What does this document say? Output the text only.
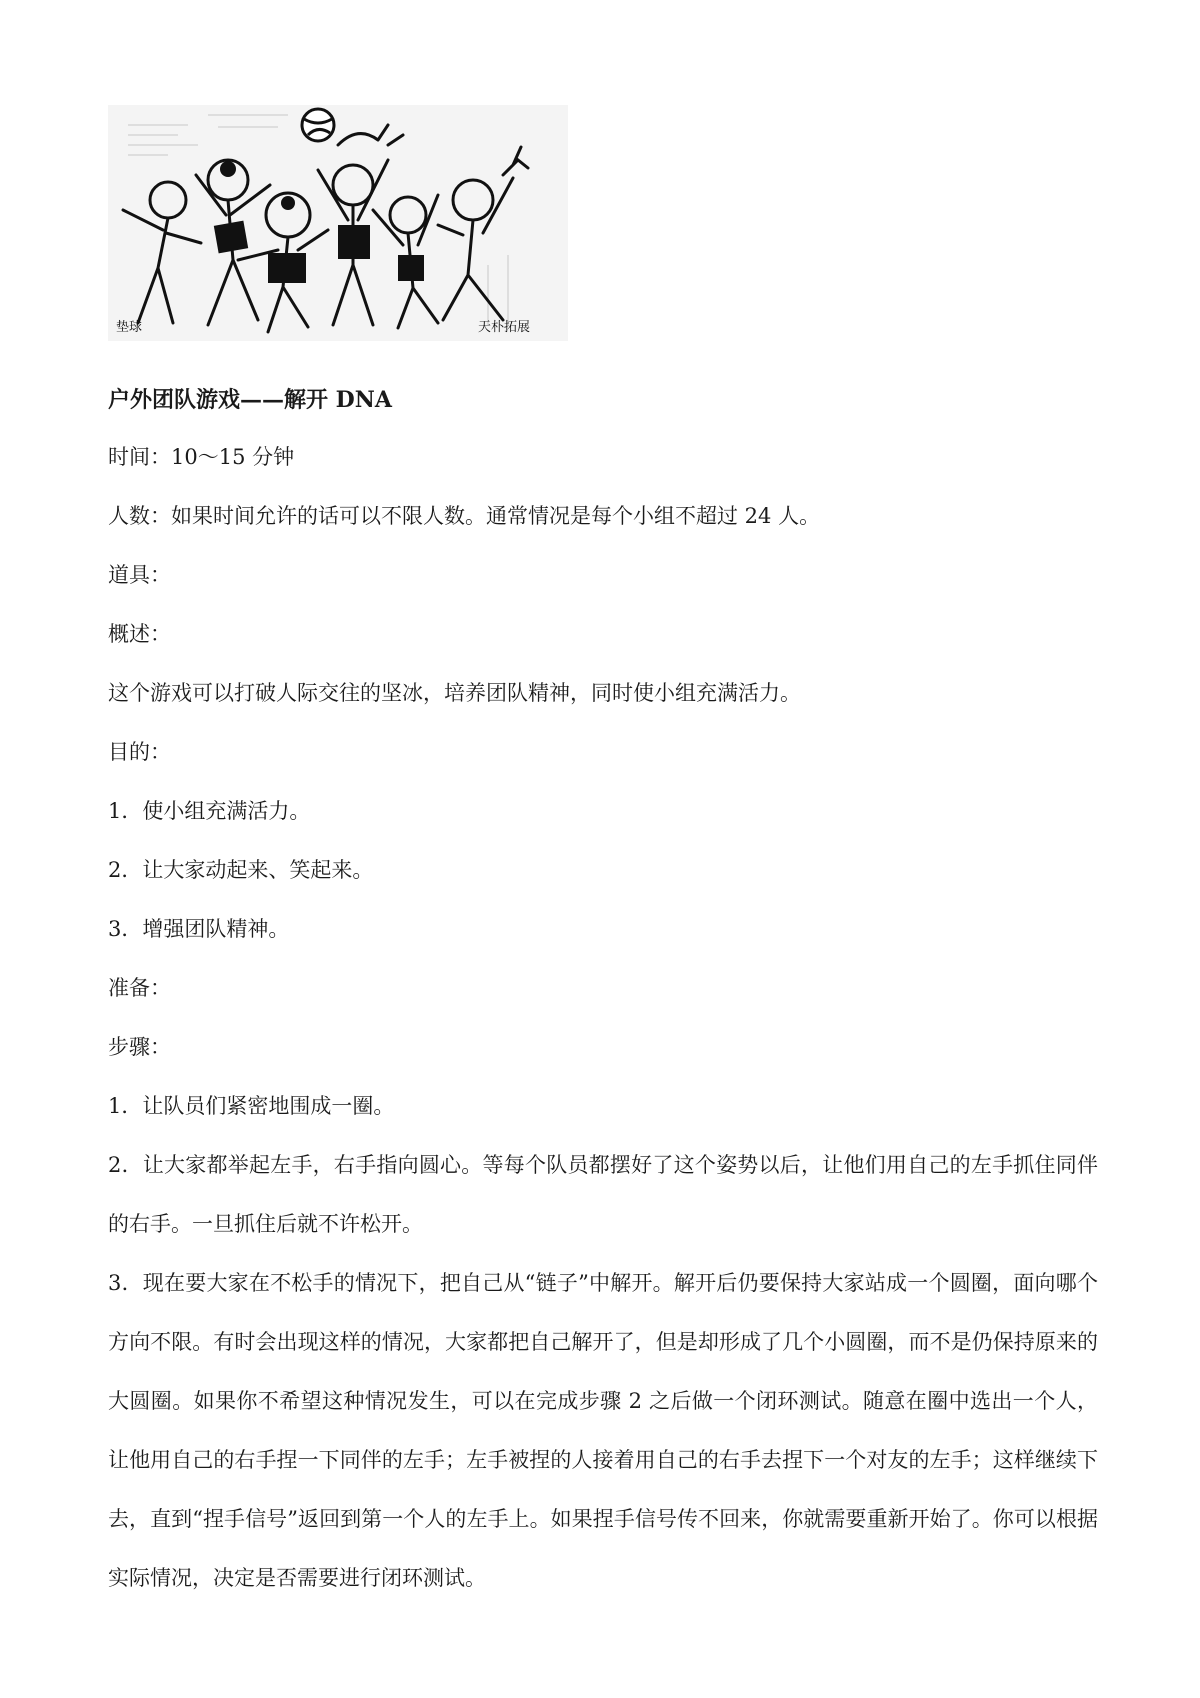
垫球	天朴拓展

户外团队游戏——解开 DNA

时间：10～15 分钟

人数：如果时间允许的话可以不限人数。通常情况是每个小组不超过 24 人。

道具：

概述：

这个游戏可以打破人际交往的坚冰，培养团队精神，同时使小组充满活力。

目的：

1．使小组充满活力。

2．让大家动起来、笑起来。

3．增强团队精神。

准备：

步骤：

1．让队员们紧密地围成一圈。

2．让大家都举起左手，右手指向圆心。等每个队员都摆好了这个姿势以后，让他们用自己的左手抓住同伴的右手。一旦抓住后就不许松开。

3．现在要大家在不松手的情况下，把自己从“链子”中解开。解开后仍要保持大家站成一个圆圈，面向哪个方向不限。有时会出现这样的情况，大家都把自己解开了，但是却形成了几个小圆圈，而不是仍保持原来的大圆圈。如果你不希望这种情况发生，可以在完成步骤 2 之后做一个闭环测试。随意在圈中选出一个人，让他用自己的右手捏一下同伴的左手；左手被捏的人接着用自己的右手去捏下一个对友的左手；这样继续下去，直到“捏手信号”返回到第一个人的左手上。如果捏手信号传不回来，你就需要重新开始了。你可以根据实际情况，决定是否需要进行闭环测试。
